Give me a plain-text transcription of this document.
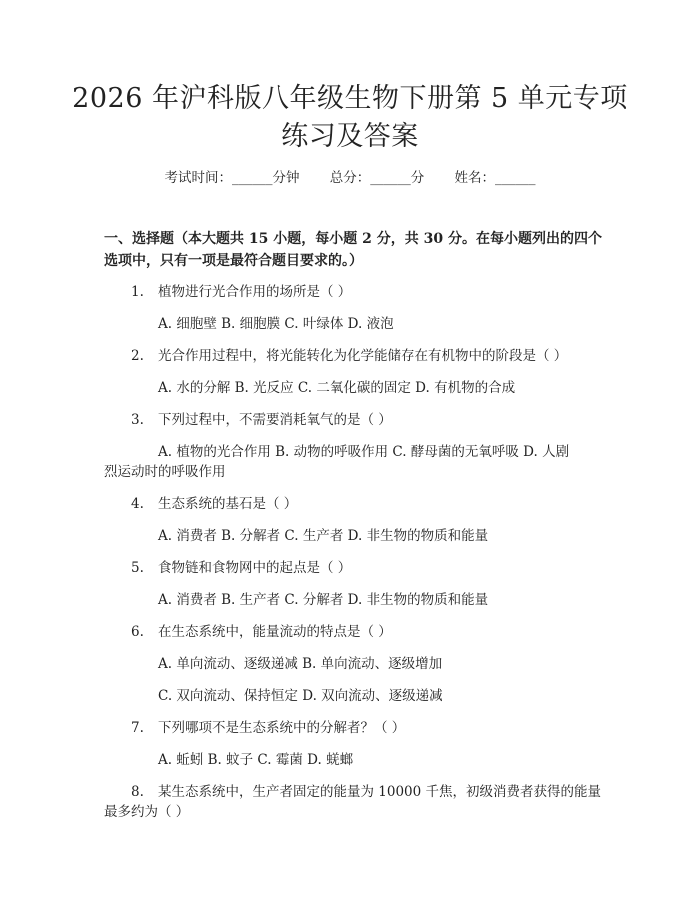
2026 年沪科版八年级生物下册第 5 单元专项
练习及答案
考试时间：______分钟 总分：______分 姓名：______
一、选择题（本大题共 15 小题，每小题 2 分，共 30 分。在每小题列出的四个选项中，只有一项是最符合题目要求的。）
1. 植物进行光合作用的场所是（ ）
A. 细胞壁 B. 细胞膜 C. 叶绿体 D. 液泡
2. 光合作用过程中，将光能转化为化学能储存在有机物中的阶段是（ ）
A. 水的分解 B. 光反应 C. 二氧化碳的固定 D. 有机物的合成
3. 下列过程中，不需要消耗氧气的是（ ）
A. 植物的光合作用 B. 动物的呼吸作用 C. 酵母菌的无氧呼吸 D. 人剧
烈运动时的呼吸作用
4. 生态系统的基石是（ ）
A. 消费者 B. 分解者 C. 生产者 D. 非生物的物质和能量
5. 食物链和食物网中的起点是（ ）
A. 消费者 B. 生产者 C. 分解者 D. 非生物的物质和能量
6. 在生态系统中，能量流动的特点是（ ）
A. 单向流动、逐级递减 B. 单向流动、逐级增加
C. 双向流动、保持恒定 D. 双向流动、逐级递减
7. 下列哪项不是生态系统中的分解者？（ ）
A. 蚯蚓 B. 蚊子 C. 霉菌 D. 蜣螂
8. 某生态系统中，生产者固定的能量为 10000 千焦，初级消费者获得的能量
最多约为（ ）
